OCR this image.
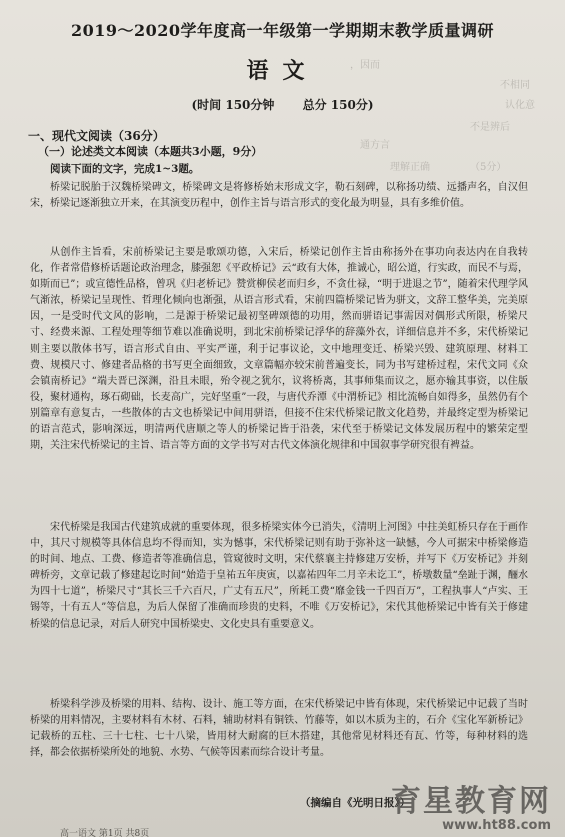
，因而
不相同
认化意
不是辨后
通方言
理解正确	（5分）
2019～2020学年度高一年级第一学期期末教学质量调研
语文
(时间 150分钟 总分 150分)
一、现代文阅读（36分）
（一）论述类文本阅读（本题共3小题，9分）
阅读下面的文字，完成1~3题。
桥梁记脱胎于汉魏桥梁碑文，桥梁碑文是将修桥始末形成文字，勒石刻碑，以称扬功绩、远播声名，自汉但宋，桥梁记逐渐独立开来，在其演变历程中，创作主旨与语言形式的变化最为明显，具有多维价值。
从创作主旨看，宋前桥梁记主要是歌颂功德，入宋后，桥梁记创作主旨由称扬外在事功向表达内在自我转化，作者常借修桥话题论政治理念，膝强恕《平政桥记》云“政有大体，推诚心，昭公道，行实政，而民不与焉，如斯而已”；或宣德性品格，曾巩《归老桥记》赞赏柳侯老而归乡，不贪仕禄，“明于进退之节”，随着宋代理学风气渐浓，桥梁记呈现性、哲理化倾向也渐强，从语言形式看，宋前四篇桥梁记皆为骈文，文辞工整华美，完美原因，一是受时代文风的影响，二是源于桥梁记最初坚碑颂德的功用，然而骈语记事需因对偶形式所限，桥梁尺寸、经费来源、工程处理等细节难以准确说明，到北宋前桥梁记浮华的辞藻外衣，详细信息并不多，宋代桥梁记则主要以散体书写，语言形式自由、平实严谨，利于记事议论，文中地理变迁、桥梁兴毁、建筑原理、材料工费、规模尺寸、修建者品格的书写更全面细致，文章篇幅亦较宋前普遍变长，同为书写建桥过程，宋代文同《众会镇南桥记》“端夫晋已深渊，沿且未眼，殆令视之犹尔，议将桥离，其事师集而议之，愿亦输其事资，以住版役，聚材通构，琢石砌础，长麦高广，完好坚重”一段，与唐代乔潭《中渭桥记》相比流畅自如得多，虽然仍有个别篇章有意复古，一些散体的古文也桥梁记中间用骈语，但接不住宋代桥梁记散文化趋势，并最终定型为桥梁记的语言范式，影响深远，明清两代唐顺之等人的桥梁记皆于沿袭，宋代至于桥梁记文体发展历程中的繁荣定型期，关注宋代桥梁记的主旨、语言等方面的文学书写对古代文体演化规律和中国叙事学研究很有裨益。
宋代桥梁是我国古代建筑成就的重要体现，很多桥梁实体今已消失，《清明上河图》中拄美虹桥只存在于画作中，其尺寸规模等具体信息均不得而知，实为憾事，宋代桥梁记则有助于弥补这一缺憾，今人可据宋中桥梁修造的时间、地点、工费、修造者等准确信息，管窥彼时文明，宋代蔡襄主持修建万安桥，并写下《万安桥记》并刻碑桥旁，文章记载了修建起讫时间“始造于皇祐五年庚寅，以嘉祐四年二月辛未讫工”，桥墩数量“垒趾于渊，酾水为四十七道”，桥梁尺寸“其长三千六百尺，广丈有五尺”，所耗工费“靡金钱一千四百万”，工程执事人“卢实、王锡等，十有五人”等信息，为后人保留了准确而珍贵的史料，不唯《万安桥记》，宋代其他桥梁记中皆有关于修建桥梁的信息记录，对后人研究中国桥梁史、文化史具有重要意义。
桥梁科学涉及桥梁的用料、结构、设计、施工等方面，在宋代桥梁记中皆有体现，宋代桥梁记中记载了当时桥梁的用料情况，主要材料有木材、石料，辅助材料有铜铁、竹藤等，如以木质为主的，石介《宝化军新桥记》记载桥的五柱、三十七柱、七十八梁，皆用材大耐腐的巨木搭建，其他常见材料还有瓦、竹等，每种材料的选择，都会依据桥梁所处的地貌、水势、气候等因素而综合设计考量。
（摘编自《光明日报》）
高一语文 第1页 共8页
育星教育网
www.ht88.com
